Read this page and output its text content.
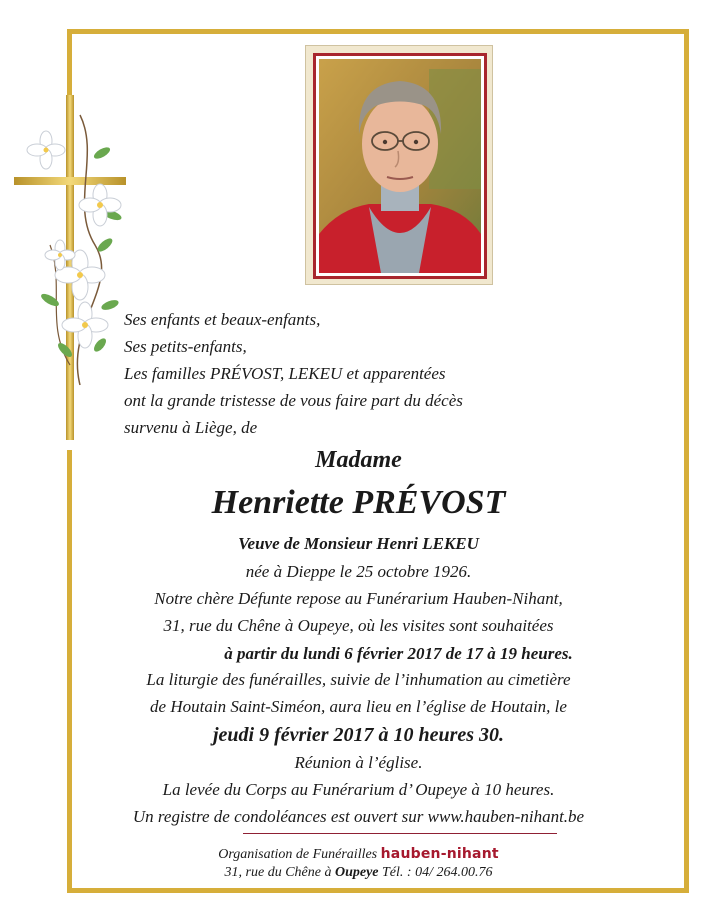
Ses enfants et beaux-enfants,
Ses petits-enfants,
Les familles PRÉVOST, LEKEU et apparentées
ont la grande tristesse de vous faire part du décès
survenu à Liège, de
Madame
Henriette PRÉVOST
Veuve de Monsieur Henri LEKEU
née à Dieppe le 25 octobre 1926.
Notre chère Défunte repose au Funérarium Hauben-Nihant,
31, rue du Chêne à Oupeye, où les visites sont souhaitées
à partir du lundi 6 février 2017 de 17 à 19 heures.
La liturgie des funérailles, suivie de l’inhumation au cimetière
de Houtain Saint-Siméon, aura lieu en l’église de Houtain, le
jeudi 9 février 2017 à 10 heures 30.
Réunion à l’église.
La levée du Corps au Funérarium d’ Oupeye à 10 heures.
Un registre de condoléances est ouvert sur www.hauben-nihant.be
Organisation de Funérailles hauben-nihant
31, rue du Chêne à Oupeye Tél. : 04/ 264.00.76
